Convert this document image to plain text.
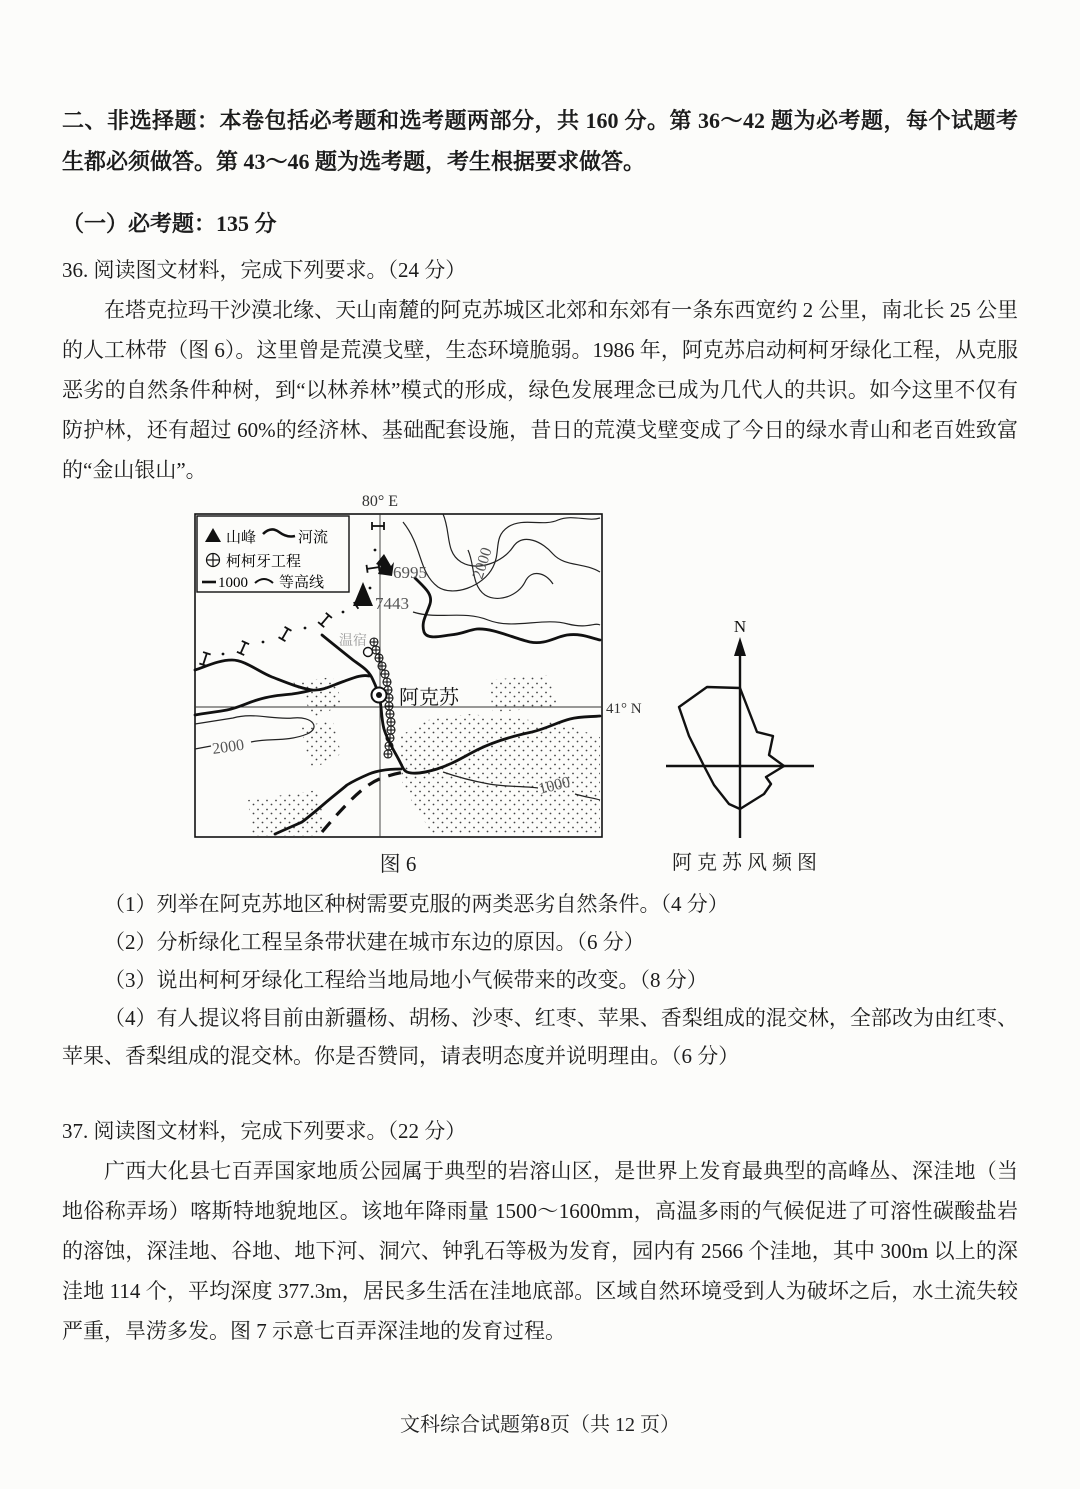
二、非选择题：本卷包括必考题和选考题两部分，共 160 分。第 36～42 题为必考题，每个试题考生都必须做答。第 43～46 题为选考题，考生根据要求做答。

（一）必考题：135 分

36. 阅读图文材料，完成下列要求。（24 分）

在塔克拉玛干沙漠北缘、天山南麓的阿克苏城区北郊和东郊有一条东西宽约 2 公里，南北长 25 公里的人工林带（图 6）。这里曾是荒漠戈壁，生态环境脆弱。1986 年，阿克苏启动柯柯牙绿化工程，从克服恶劣的自然条件种树，到“以林养林”模式的形成，绿色发展理念已成为几代人的共识。如今这里不仅有防护林，还有超过 60%的经济林、基础配套设施，昔日的荒漠戈壁变成了今日的绿水青山和老百姓致富的“金山银山”。

80° E
41° N
2000
2000
1000
6995
7443
温宿
阿克苏
山峰	河流
柯柯牙工程
1000 等高线
N
图 6	阿克苏风频图

（1）列举在阿克苏地区种树需要克服的两类恶劣自然条件。（4 分）

（2）分析绿化工程呈条带状建在城市东边的原因。（6 分）

（3）说出柯柯牙绿化工程给当地局地小气候带来的改变。（8 分）

（4）有人提议将目前由新疆杨、胡杨、沙枣、红枣、苹果、香梨组成的混交林，全部改为由红枣、苹果、香梨组成的混交林。你是否赞同，请表明态度并说明理由。（6 分）

37. 阅读图文材料，完成下列要求。（22 分）

广西大化县七百弄国家地质公园属于典型的岩溶山区，是世界上发育最典型的高峰丛、深洼地（当地俗称弄场）喀斯特地貌地区。该地年降雨量 1500～1600mm，高温多雨的气候促进了可溶性碳酸盐岩的溶蚀，深洼地、谷地、地下河、洞穴、钟乳石等极为发育，园内有 2566 个洼地，其中 300m 以上的深洼地 114 个，平均深度 377.3m，居民多生活在洼地底部。区域自然环境受到人为破坏之后，水土流失较严重，旱涝多发。图 7 示意七百弄深洼地的发育过程。

文科综合试题第8页（共 12 页）
